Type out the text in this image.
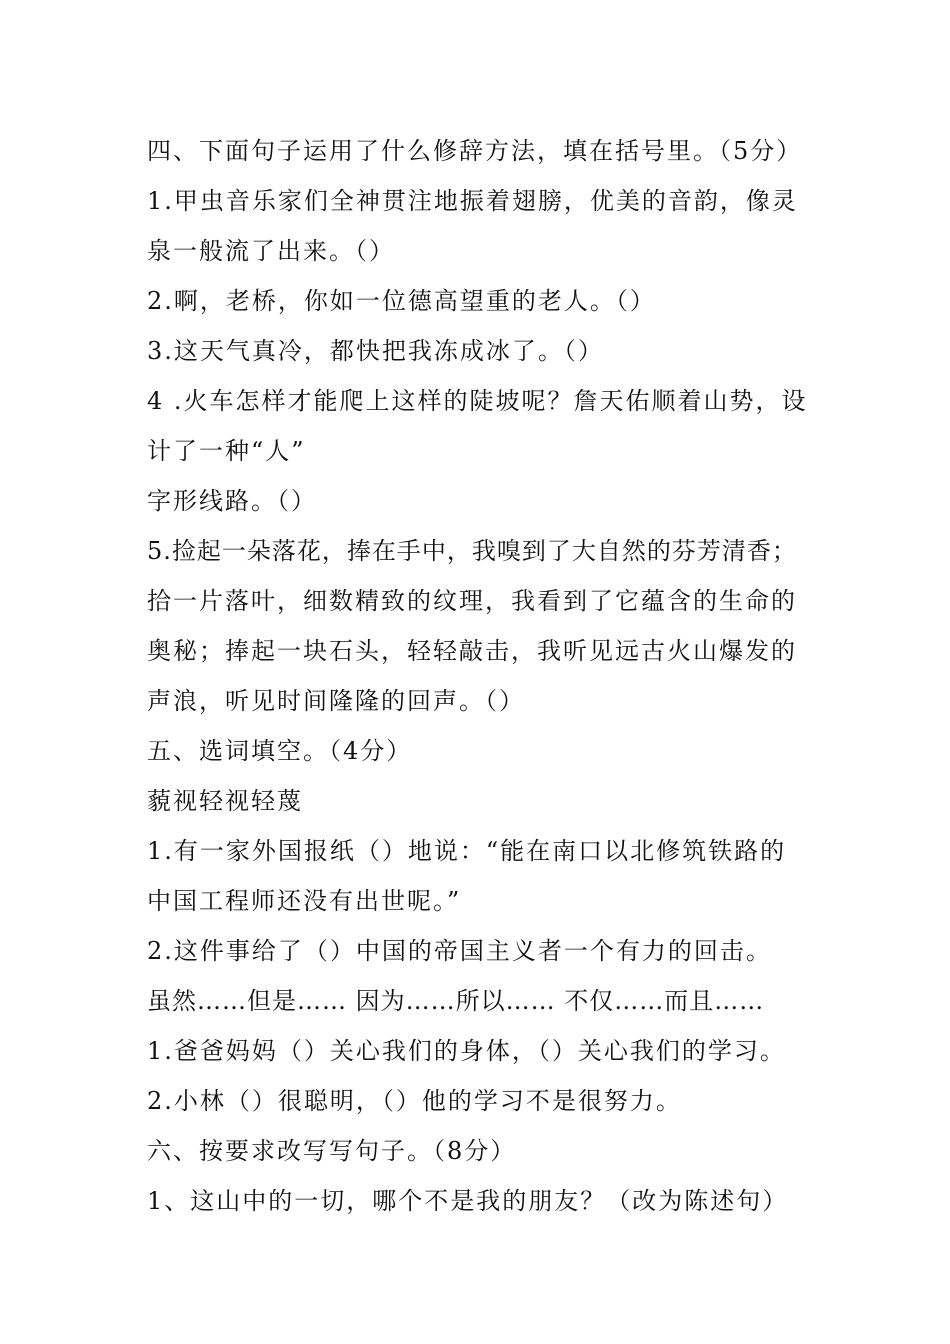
四、下面句子运用了什么修辞方法，填在括号里。（5分）
1.甲虫音乐家们全神贯注地振着翅膀，优美的音韵，像灵
泉一般流了出来。（）
2.啊，老桥，你如一位德高望重的老人。（）
3.这天气真冷，都快把我冻成冰了。（）
4 .火车怎样才能爬上这样的陡坡呢？詹天佑顺着山势，设
计了一种“人”
字形线路。（）
5.捡起一朵落花，捧在手中，我嗅到了大自然的芬芳清香；
拾一片落叶，细数精致的纹理，我看到了它蕴含的生命的
奥秘；捧起一块石头，轻轻敲击，我听见远古火山爆发的
声浪，听见时间隆隆的回声。（）
五、选词填空。（4分）
藐视轻视轻蔑
1.有一家外国报纸（）地说：“能在南口以北修筑铁路的
中国工程师还没有出世呢。”
2.这件事给了（）中国的帝国主义者一个有力的回击。
虽然……但是…… 因为……所以…… 不仅……而且……
1.爸爸妈妈（）关心我们的身体，（）关心我们的学习。
2.小林（）很聪明，（）他的学习不是很努力。
六、按要求改写写句子。（8分）
1、这山中的一切，哪个不是我的朋友？（改为陈述句）
